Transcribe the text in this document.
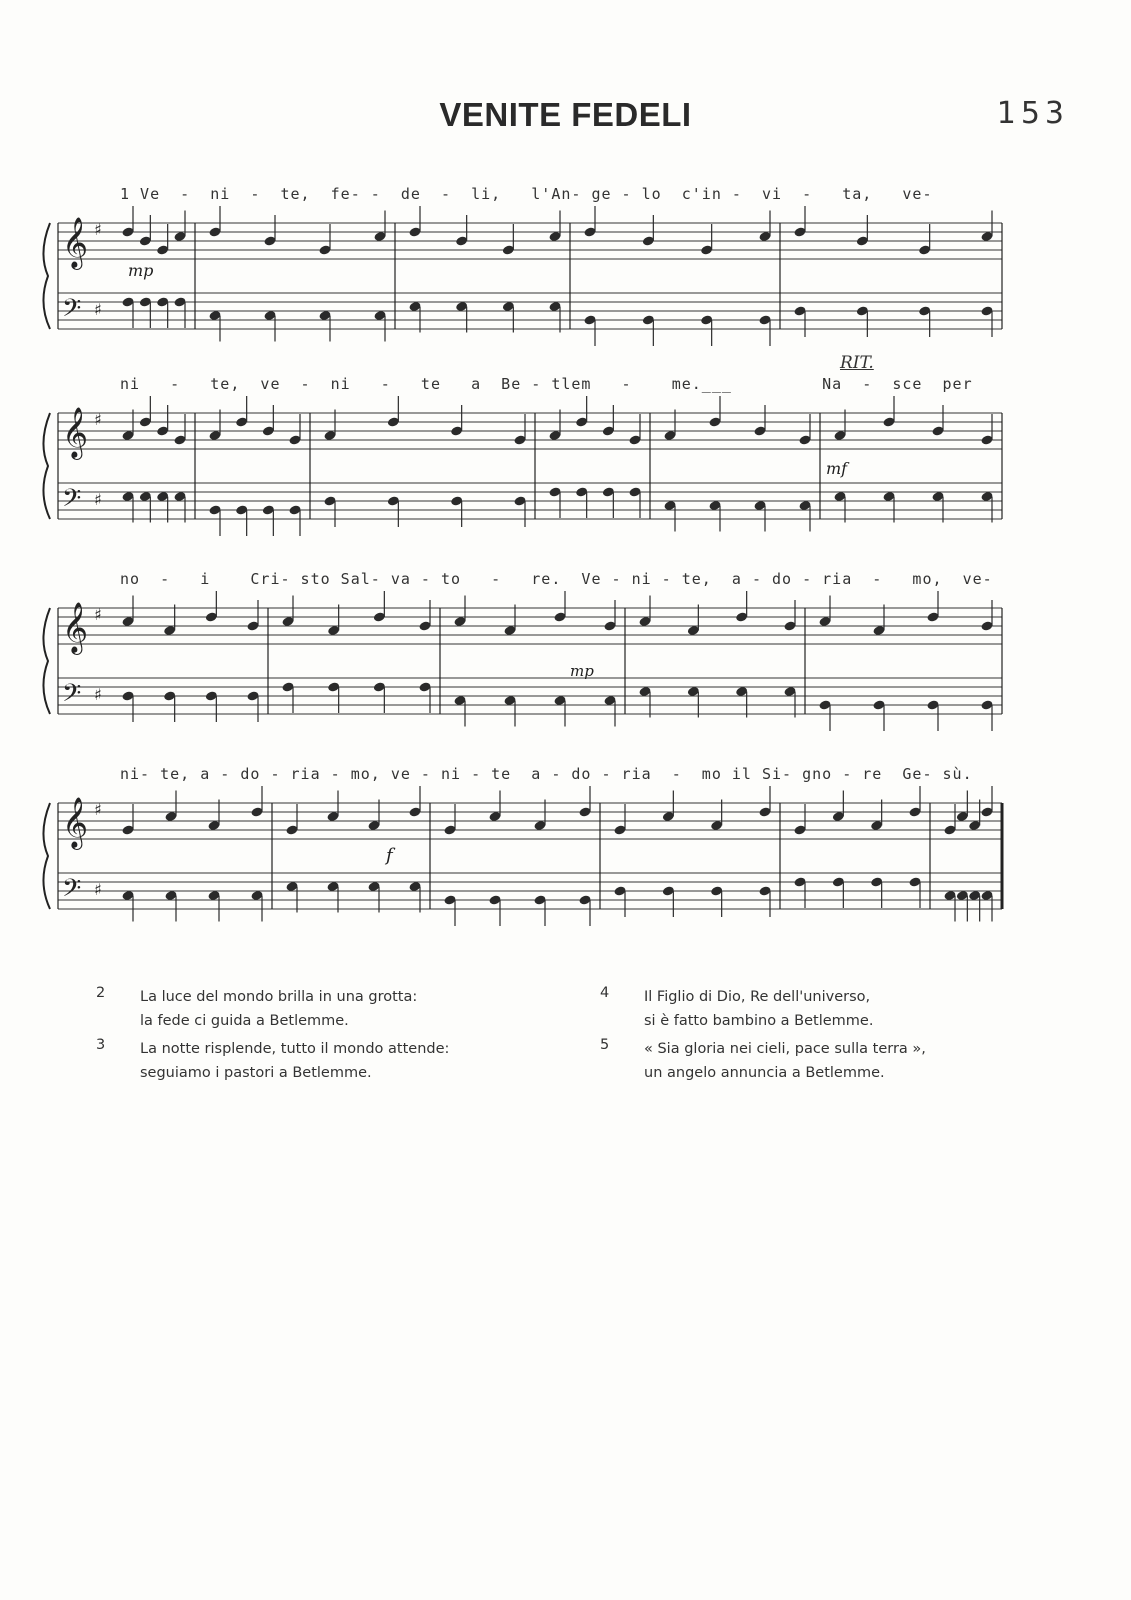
VENITE FEDELI	153
1 Ve  -  ni  -  te,  fe- -  de  -  li,   l'An- ge - lo  c'in -  vi  -   ta,   ve-
𝄞 ♯
𝄢 ♯
mp
RIT.
ni   -   te,  ve  -  ni   -   te   a  Be - tlem   -    me.___         Na  -  sce  per
𝄞 ♯
𝄢 ♯
mf
no  -   i    Cri- sto Sal- va - to   -   re.  Ve - ni - te,  a - do - ria  -   mo,  ve-
𝄞 ♯
𝄢 ♯
mp
ni- te, a - do - ria - mo, ve - ni - te  a - do - ria  -  mo il Si- gno - re  Ge- sù.
𝄞 ♯
𝄢 ♯
f
2 La luce del mondo brilla in una grotta:
la fede ci guida a Betlemme.
3 La notte risplende, tutto il mondo attende:
seguiamo i pastori a Betlemme.
4 Il Figlio di Dio, Re dell'universo,
si è fatto bambino a Betlemme.
5 « Sia gloria nei cieli, pace sulla terra »,
un angelo annuncia a Betlemme.
